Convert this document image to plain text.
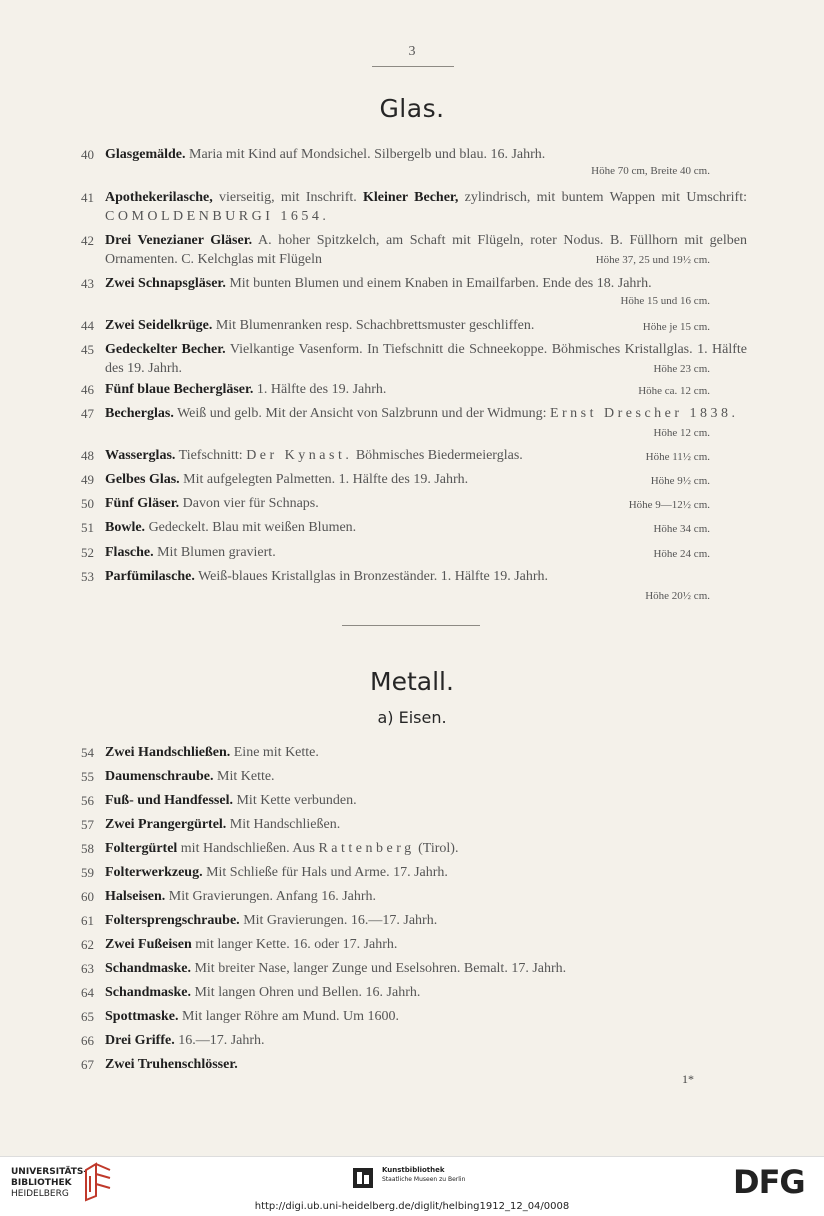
3
Glas.
40 Glasgemälde. Maria mit Kind auf Mondsichel. Silbergelb und blau. 16. Jahrh.
Höhe 70 cm, Breite 40 cm.
41 Apothekerilasche, vierseitig, mit Inschrift. Kleiner Becher, zylindrisch, mit buntem Wappen mit Umschrift: COMOLDENBURGI 1654.
42 Drei Venezianer Gläser. A. hoher Spitzkelch, am Schaft mit Flügeln, roter Nodus. B. Füllhorn mit gelben Ornamenten. C. Kelchglas mit Flügeln	Höhe 37, 25 und 19½ cm.
43 Zwei Schnapsgläser. Mit bunten Blumen und einem Knaben in Emailfarben. Ende des 18. Jahrh.
Höhe 15 und 16 cm.
44 Zwei Seidelkrüge. Mit Blumenranken resp. Schachbrettsmuster geschliffen.	Höhe je 15 cm.
45 Gedeckelter Becher. Vielkantige Vasenform. In Tiefschnitt die Schneekoppe. Böhmisches Kristallglas. 1. Hälfte des 19. Jahrh.	Höhe 23 cm.
46 Fünf blaue Bechergläser. 1. Hälfte des 19. Jahrh.	Höhe ca. 12 cm.
47 Becherglas. Weiß und gelb. Mit der Ansicht von Salzbrunn und der Widmung: Ernst Drescher 1838.
Höhe 12 cm.
48 Wasserglas. Tiefschnitt: Der Kynast. Böhmisches Biedermeierglas.	Höhe 11½ cm.
49 Gelbes Glas. Mit aufgelegten Palmetten. 1. Hälfte des 19. Jahrh.	Höhe 9½ cm.
50 Fünf Gläser. Davon vier für Schnaps.	Höhe 9—12½ cm.
51 Bowle. Gedeckelt. Blau mit weißen Blumen.	Höhe 34 cm.
52 Flasche. Mit Blumen graviert.	Höhe 24 cm.
53 Parfümilasche. Weiß-blaues Kristallglas in Bronzeständer. 1. Hälfte 19. Jahrh.
Höhe 20½ cm.
Metall.
a) Eisen.
54 Zwei Handschließen. Eine mit Kette.
55 Daumenschraube. Mit Kette.
56 Fuß- und Handfessel. Mit Kette verbunden.
57 Zwei Prangergürtel. Mit Handschließen.
58 Foltergürtel mit Handschließen. Aus Rattenberg (Tirol).
59 Folterwerkzeug. Mit Schließe für Hals und Arme. 17. Jahrh.
60 Halseisen. Mit Gravierungen. Anfang 16. Jahrh.
61 Foltersprengschraube. Mit Gravierungen. 16.—17. Jahrh.
62 Zwei Fußeisen mit langer Kette. 16. oder 17. Jahrh.
63 Schandmaske. Mit breiter Nase, langer Zunge und Eselsohren. Bemalt. 17. Jahrh.
64 Schandmaske. Mit langen Ohren und Bellen. 16. Jahrh.
65 Spottmaske. Mit langer Röhre am Mund. Um 1600.
66 Drei Griffe. 16.—17. Jahrh.
67 Zwei Truhenschlösser.
1*
UNIVERSITÄTS-
BIBLIOTHEK
HEIDELBERG
Kunstbibliothek
Staatliche Museen zu Berlin	DFG
http://digi.ub.uni-heidelberg.de/diglit/helbing1912_12_04/0008
